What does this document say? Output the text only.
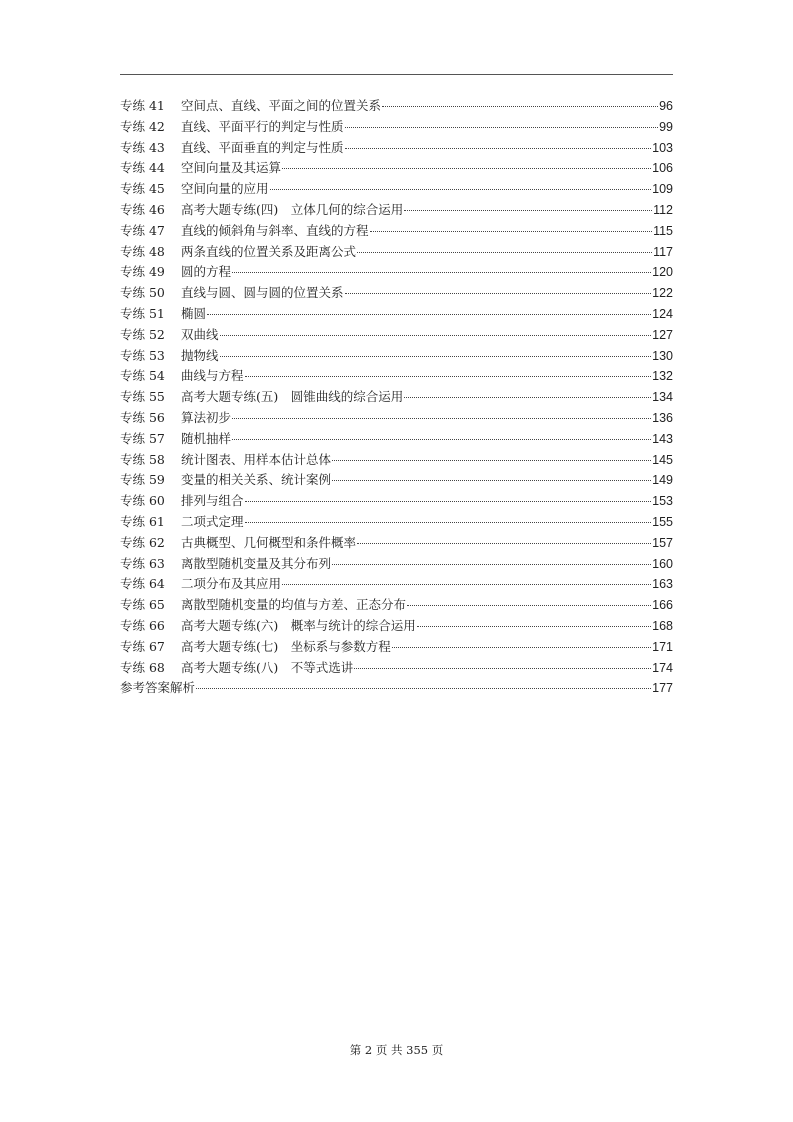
专练 41	空间点、直线、平面之间的位置关系	96
专练 42	直线、平面平行的判定与性质	99
专练 43	直线、平面垂直的判定与性质	103
专练 44	空间向量及其运算	106
专练 45	空间向量的应用	109
专练 46	高考大题专练(四)　立体几何的综合运用	112
专练 47	直线的倾斜角与斜率、直线的方程	115
专练 48	两条直线的位置关系及距离公式	117
专练 49	圆的方程	120
专练 50	直线与圆、圆与圆的位置关系	122
专练 51	椭圆	124
专练 52	双曲线	127
专练 53	抛物线	130
专练 54	曲线与方程	132
专练 55	高考大题专练(五)　圆锥曲线的综合运用	134
专练 56	算法初步	136
专练 57	随机抽样	143
专练 58	统计图表、用样本估计总体	145
专练 59	变量的相关关系、统计案例	149
专练 60	排列与组合	153
专练 61	二项式定理	155
专练 62	古典概型、几何概型和条件概率	157
专练 63	离散型随机变量及其分布列	160
专练 64	二项分布及其应用	163
专练 65	离散型随机变量的均值与方差、正态分布	166
专练 66	高考大题专练(六)　概率与统计的综合运用	168
专练 67	高考大题专练(七)　坐标系与参数方程	171
专练 68	高考大题专练(八)　不等式选讲	174
参考答案解析	177
第 2 页 共 355 页
